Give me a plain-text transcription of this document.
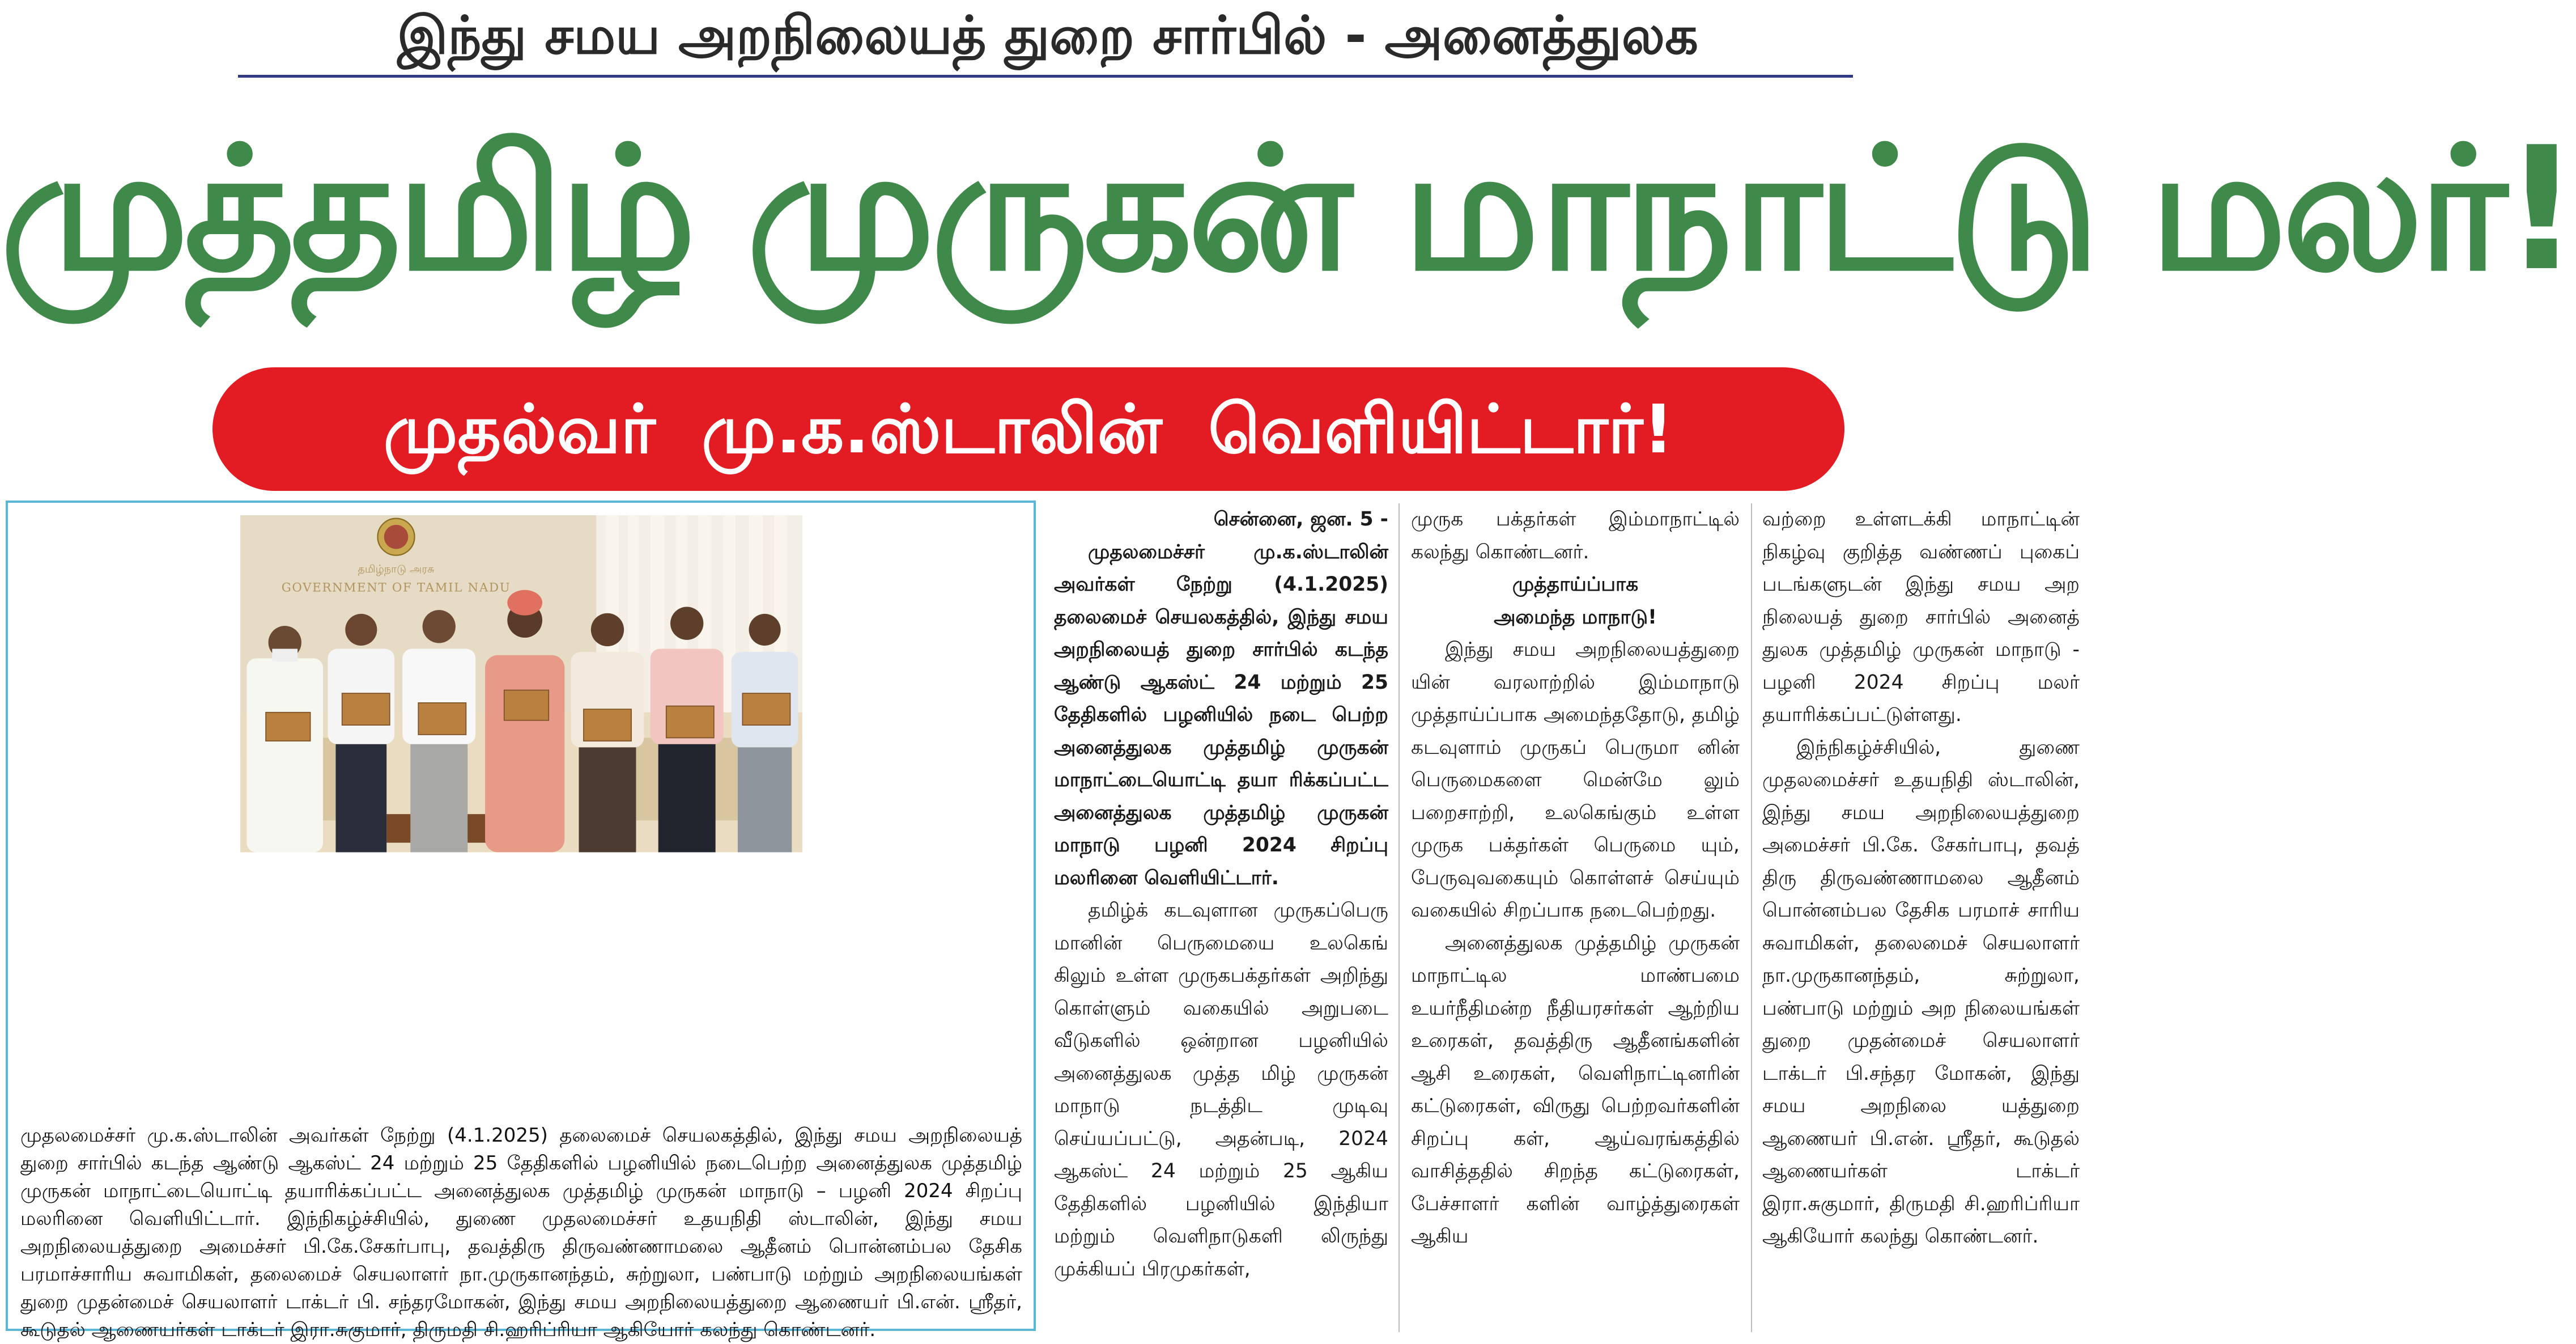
இந்து சமய அறநிலையத் துறை சார்பில் - அனைத்துலக
முத்தமிழ் முருகன் மாநாட்டு மலர்!
முதல்வர் மு.க.ஸ்டாலின் வெளியிட்டார்!
தமிழ்நாடு அரசு
GOVERNMENT OF TAMIL NADU
முதலமைச்சர் மு.க.ஸ்டாலின் அவர்கள் நேற்று (4.1.2025) தலைமைச் செயலகத்தில், இந்து சமய அறநிலையத் துறை சார்பில் கடந்த ஆண்டு ஆகஸ்ட் 24 மற்றும் 25 தேதிகளில் பழனியில் நடைபெற்ற அனைத்துலக முத்தமிழ் முருகன் மாநாட்டையொட்டி தயாரிக்கப்பட்ட அனைத்துலக முத்தமிழ் முருகன் மாநாடு – பழனி 2024 சிறப்பு மலரினை வெளியிட்டார். இந்நிகழ்ச்சியில், துணை முதலமைச்சர் உதயநிதி ஸ்டாலின், இந்து சமய அறநிலையத்துறை அமைச்சர் பி.கே.சேகர்பாபு, தவத்திரு திருவண்ணாமலை ஆதீனம் பொன்னம்பல தேசிக பரமாச்சாரிய சுவாமிகள், தலைமைச் செயலாளர் நா.முருகானந்தம், சுற்றுலா, பண்பாடு மற்றும் அறநிலையங்கள் துறை முதன்மைச் செயலாளர் டாக்டர் பி. சந்தரமோகன், இந்து சமய அறநிலையத்துறை ஆணையர் பி.என். ஸ்ரீதர், கூடுதல் ஆணையர்கள் டாக்டர் இரா.சுகுமார், திருமதி சி.ஹரிப்ரியா ஆகியோர் கலந்து கொண்டனர்.

சென்னை, ஜன. 5 -

முதலமைச்சர் மு.க.ஸ்டாலின் அவர்கள் நேற்று (4.1.2025) தலைமைச் செயலகத்தில், இந்து சமய அறநிலையத் துறை சார்பில் கடந்த ஆண்டு ஆகஸ்ட் 24 மற்றும் 25 தேதிகளில் பழனியில் நடை பெற்ற அனைத்துலக முத்தமிழ் முருகன் மாநாட்டையொட்டி தயா ரிக்கப்பட்ட அனைத்துலக முத்தமிழ் முருகன் மாநாடு பழனி 2024 சிறப்பு மலரினை வெளியிட்டார்.

தமிழ்க் கடவுளான முருகப்பெரு மானின் பெருமையை உலகெங் கிலும் உள்ள முருகபக்தர்கள் அறிந்து கொள்ளும் வகையில் அறுபடை வீடுகளில் ஒன்றான பழனியில் அனைத்துலக முத்த மிழ் முருகன் மாநாடு நடத்திட முடிவு செய்யப்பட்டு, அதன்படி, 2024 ஆகஸ்ட் 24 மற்றும் 25 ஆகிய தேதிகளில் பழனியில் இந்தியா மற்றும் வெளிநாடுகளி லிருந்து முக்கியப் பிரமுகர்கள்,

முருக பக்தர்கள் இம்மாநாட்டில் கலந்து கொண்டனர்.

முத்தாய்ப்பாக

அமைந்த மாநாடு!

இந்து சமய அறநிலையத்துறை யின் வரலாற்றில் இம்மாநாடு முத்தாய்ப்பாக அமைந்ததோடு, தமிழ் கடவுளாம் முருகப் பெருமா னின் பெருமைகளை மென்மே லும் பறைசாற்றி, உலகெங்கும் உள்ள முருக பக்தர்கள் பெருமை யும், பேருவுவகையும் கொள்ளச் செய்யும் வகையில் சிறப்பாக நடைபெற்றது.

அனைத்துலக முத்தமிழ் முருகன் மாநாட்டில மாண்பமை உயர்நீதிமன்ற நீதியரசர்கள் ஆற்றிய உரைகள், தவத்திரு ஆதீனங்களின் ஆசி உரைகள், வெளிநாட்டினரின் கட்டுரைகள், விருது பெற்றவர்களின் சிறப்பு கள், ஆய்வரங்கத்தில் வாசித்ததில் சிறந்த கட்டுரைகள், பேச்சாளர் களின் வாழ்த்துரைகள் ஆகிய

வற்றை உள்ளடக்கி மாநாட்டின் நிகழ்வு குறித்த வண்ணப் புகைப் படங்களுடன் இந்து சமய அற நிலையத் துறை சார்பில் அனைத் துலக முத்தமிழ் முருகன் மாநாடு - பழனி 2024 சிறப்பு மலர் தயாரிக்கப்பட்டுள்ளது.

இந்நிகழ்ச்சியில், துணை முதலமைச்சர் உதயநிதி ஸ்டாலின், இந்து சமய அறநிலையத்துறை அமைச்சர் பி.கே. சேகர்பாபு, தவத் திரு திருவண்ணாமலை ஆதீனம் பொன்னம்பல தேசிக பரமாச் சாரிய சுவாமிகள், தலைமைச் செயலாளர் நா.முருகானந்தம், சுற்றுலா, பண்பாடு மற்றும் அற நிலையங்கள் துறை முதன்மைச் செயலாளர் டாக்டர் பி.சந்தர மோகன், இந்து சமய அறநிலை யத்துறை ஆணையர் பி.என். ஸ்ரீதர், கூடுதல் ஆணையர்கள் டாக்டர் இரா.சுகுமார், திருமதி சி.ஹரிப்ரியா ஆகியோர் கலந்து கொண்டனர்.
